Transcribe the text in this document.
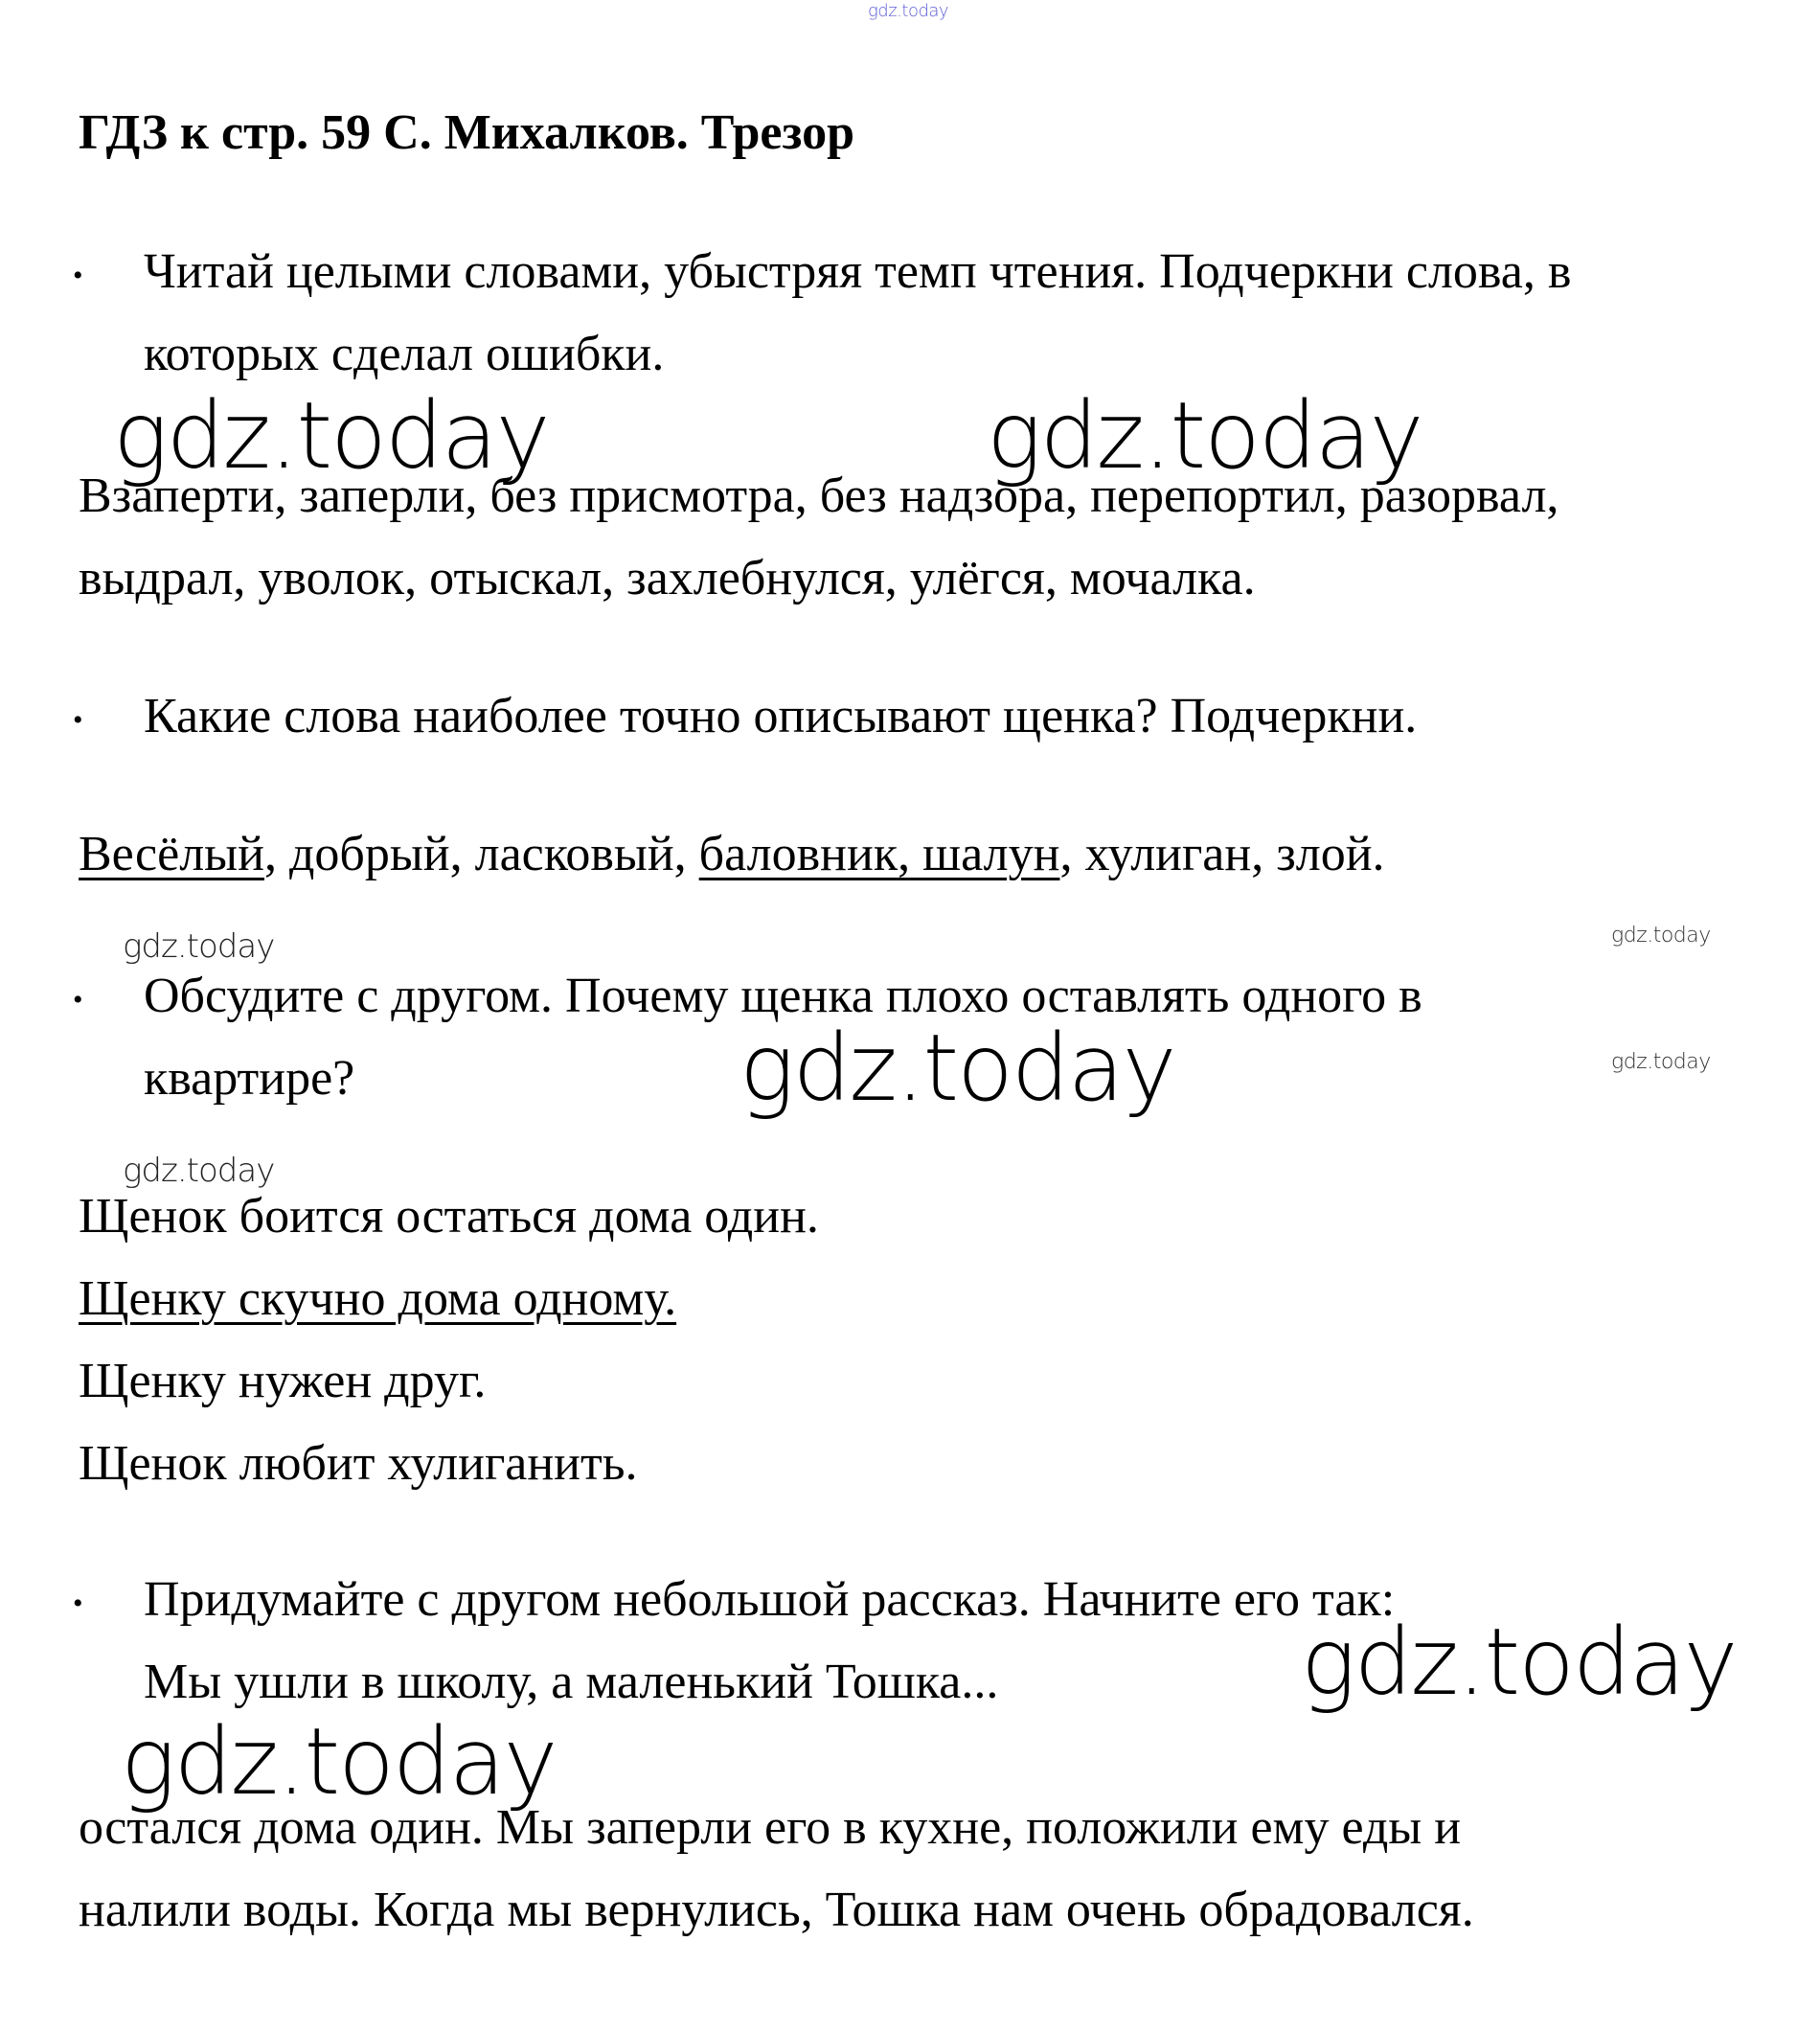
gdz.today
ГДЗ к стр. 59 С. Михалков. Трезор
• Читай целыми словами, убыстряя темп чтения. Подчеркни слова, в
которых сделал ошибки.
gdz.today	gdz.today
Взаперти, заперли, без присмотра, без надзора, перепортил, разорвал,
выдрал, уволок, отыскал, захлебнулся, улёгся, мочалка.
• Какие слова наиболее точно описывают щенка? Подчеркни.
Весёлый, добрый, ласковый, баловник, шалун, хулиган, злой.
gdz.today	gdz.today
• Обсудите с другом. Почему щенка плохо оставлять одного в
квартире?	gdz.today	gdz.today
gdz.today
Щенок боится остаться дома один.
Щенку скучно дома одному.
Щенку нужен друг.
Щенок любит хулиганить.
• Придумайте с другом небольшой рассказ. Начните его так:
Мы ушли в школу, а маленький Тошка...	gdz.today
gdz.today
остался дома один. Мы заперли его в кухне, положили ему еды и
налили воды. Когда мы вернулись, Тошка нам очень обрадовался.
